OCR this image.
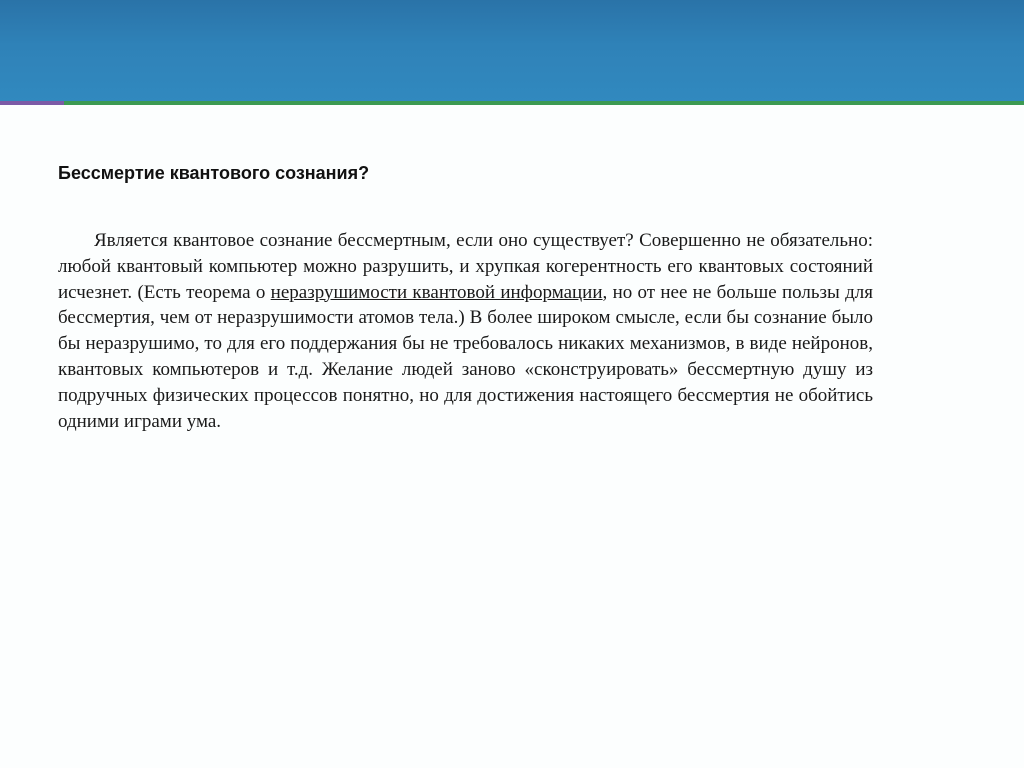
Бессмертие квантового сознания?

Является квантовое сознание бессмертным, если оно существует? Совершенно не обязательно: любой квантовый компьютер можно разрушить, и хрупкая когерентность его квантовых состояний исчезнет. (Есть теорема о неразрушимости квантовой информации, но от нее не больше пользы для бессмертия, чем от неразрушимости атомов тела.) В более широком смысле, если бы сознание было бы неразрушимо, то для его поддержания бы не требовалось никаких механизмов, в виде нейронов, квантовых компьютеров и т.д. Желание людей заново «сконструировать» бессмертную душу из подручных физических процессов понятно, но для достижения настоящего бессмертия не обойтись одними играми ума.
